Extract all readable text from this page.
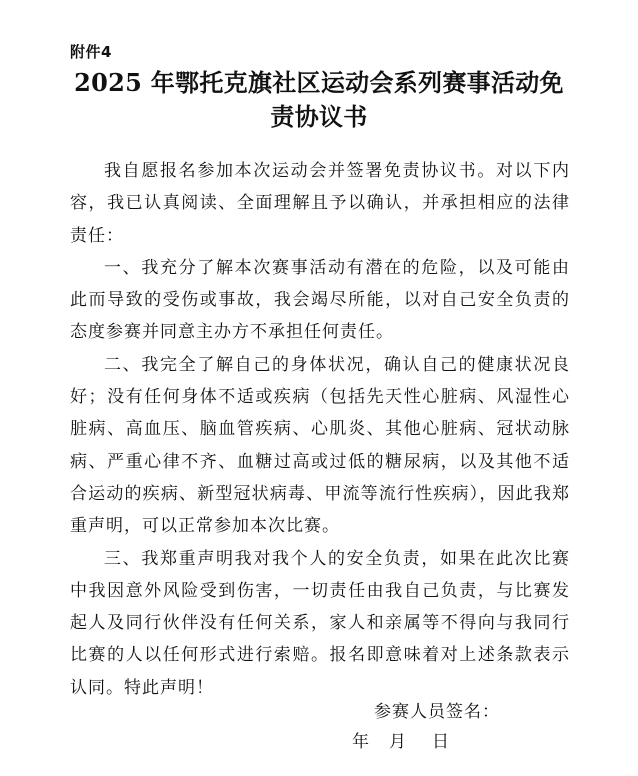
附件4
2025 年鄂托克旗社区运动会系列赛事活动免
责协议书

我自愿报名参加本次运动会并签署免责协议书。对以下内容，我已认真阅读、全面理解且予以确认，并承担相应的法律责任：

一、我充分了解本次赛事活动有潜在的危险，以及可能由此而导致的受伤或事故，我会竭尽所能，以对自己安全负责的态度参赛并同意主办方不承担任何责任。

二、我完全了解自己的身体状况，确认自己的健康状况良好；没有任何身体不适或疾病（包括先天性心脏病、风湿性心脏病、高血压、脑血管疾病、心肌炎、其他心脏病、冠状动脉病、严重心律不齐、血糖过高或过低的糖尿病，以及其他不适合运动的疾病、新型冠状病毒、甲流等流行性疾病），因此我郑重声明，可以正常参加本次比赛。

三、我郑重声明我对我个人的安全负责，如果在此次比赛中我因意外风险受到伤害，一切责任由我自己负责，与比赛发起人及同行伙伴没有任何关系，家人和亲属等不得向与我同行比赛的人以任何形式进行索赔。报名即意味着对上述条款表示认同。特此声明！

参赛人员签名：
年 月 日
